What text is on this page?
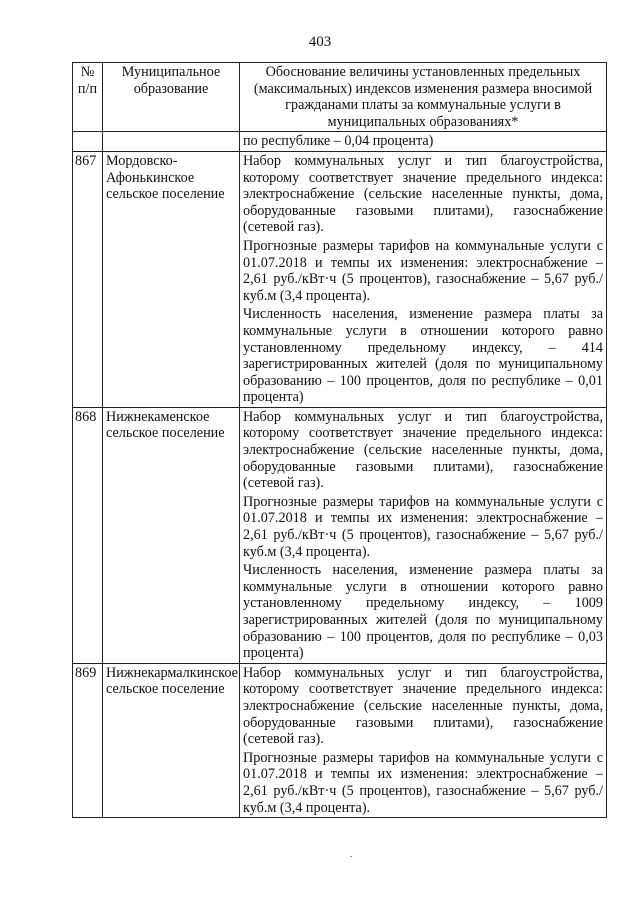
403
№ п/п	Муниципальное образование	Обоснование величины установленных предельных (максимальных) индексов изменения размера вносимой гражданами платы за коммунальные услуги в муниципальных образованиях*
		по республике – 0,04 процента)
867	Мордовско-Афонькинское сельское поселение	Набор коммунальных услуг и тип благоустройства, которому соответствует значение предельного индекса: электроснабжение (сельские населенные пункты, дома, оборудованные газовыми плитами), газоснабжение (сетевой газ).
Прогнозные размеры тарифов на коммунальные услуги с 01.07.2018 и темпы их изменения: электроснабжение – 2,61 руб./кВт·ч (5 процентов), газоснабжение – 5,67 руб./куб.м (3,4 процента).
Численность населения, изменение размера платы за коммунальные услуги в отношении которого равно установленному предельному индексу, – 414 зарегистрированных жителей (доля по муниципальному образованию – 100 процентов, доля по республике – 0,01 процента)

868	Нижнекаменское сельское поселение	Набор коммунальных услуг и тип благоустройства, которому соответствует значение предельного индекса: электроснабжение (сельские населенные пункты, дома, оборудованные газовыми плитами), газоснабжение (сетевой газ).
Прогнозные размеры тарифов на коммунальные услуги с 01.07.2018 и темпы их изменения: электроснабжение – 2,61 руб./кВт·ч (5 процентов), газоснабжение – 5,67 руб./куб.м (3,4 процента).
Численность населения, изменение размера платы за коммунальные услуги в отношении которого равно установленному предельному индексу, – 1009 зарегистрированных жителей (доля по муниципальному образованию – 100 процентов, доля по республике – 0,03 процента)

869	Нижнекармалкинское сельское поселение	Набор коммунальных услуг и тип благоустройства, которому соответствует значение предельного индекса: электроснабжение (сельские населенные пункты, дома, оборудованные газовыми плитами), газоснабжение (сетевой газ).
Прогнозные размеры тарифов на коммунальные услуги с 01.07.2018 и темпы их изменения: электроснабжение – 2,61 руб./кВт·ч (5 процентов), газоснабжение – 5,67 руб./куб.м (3,4 процента).
